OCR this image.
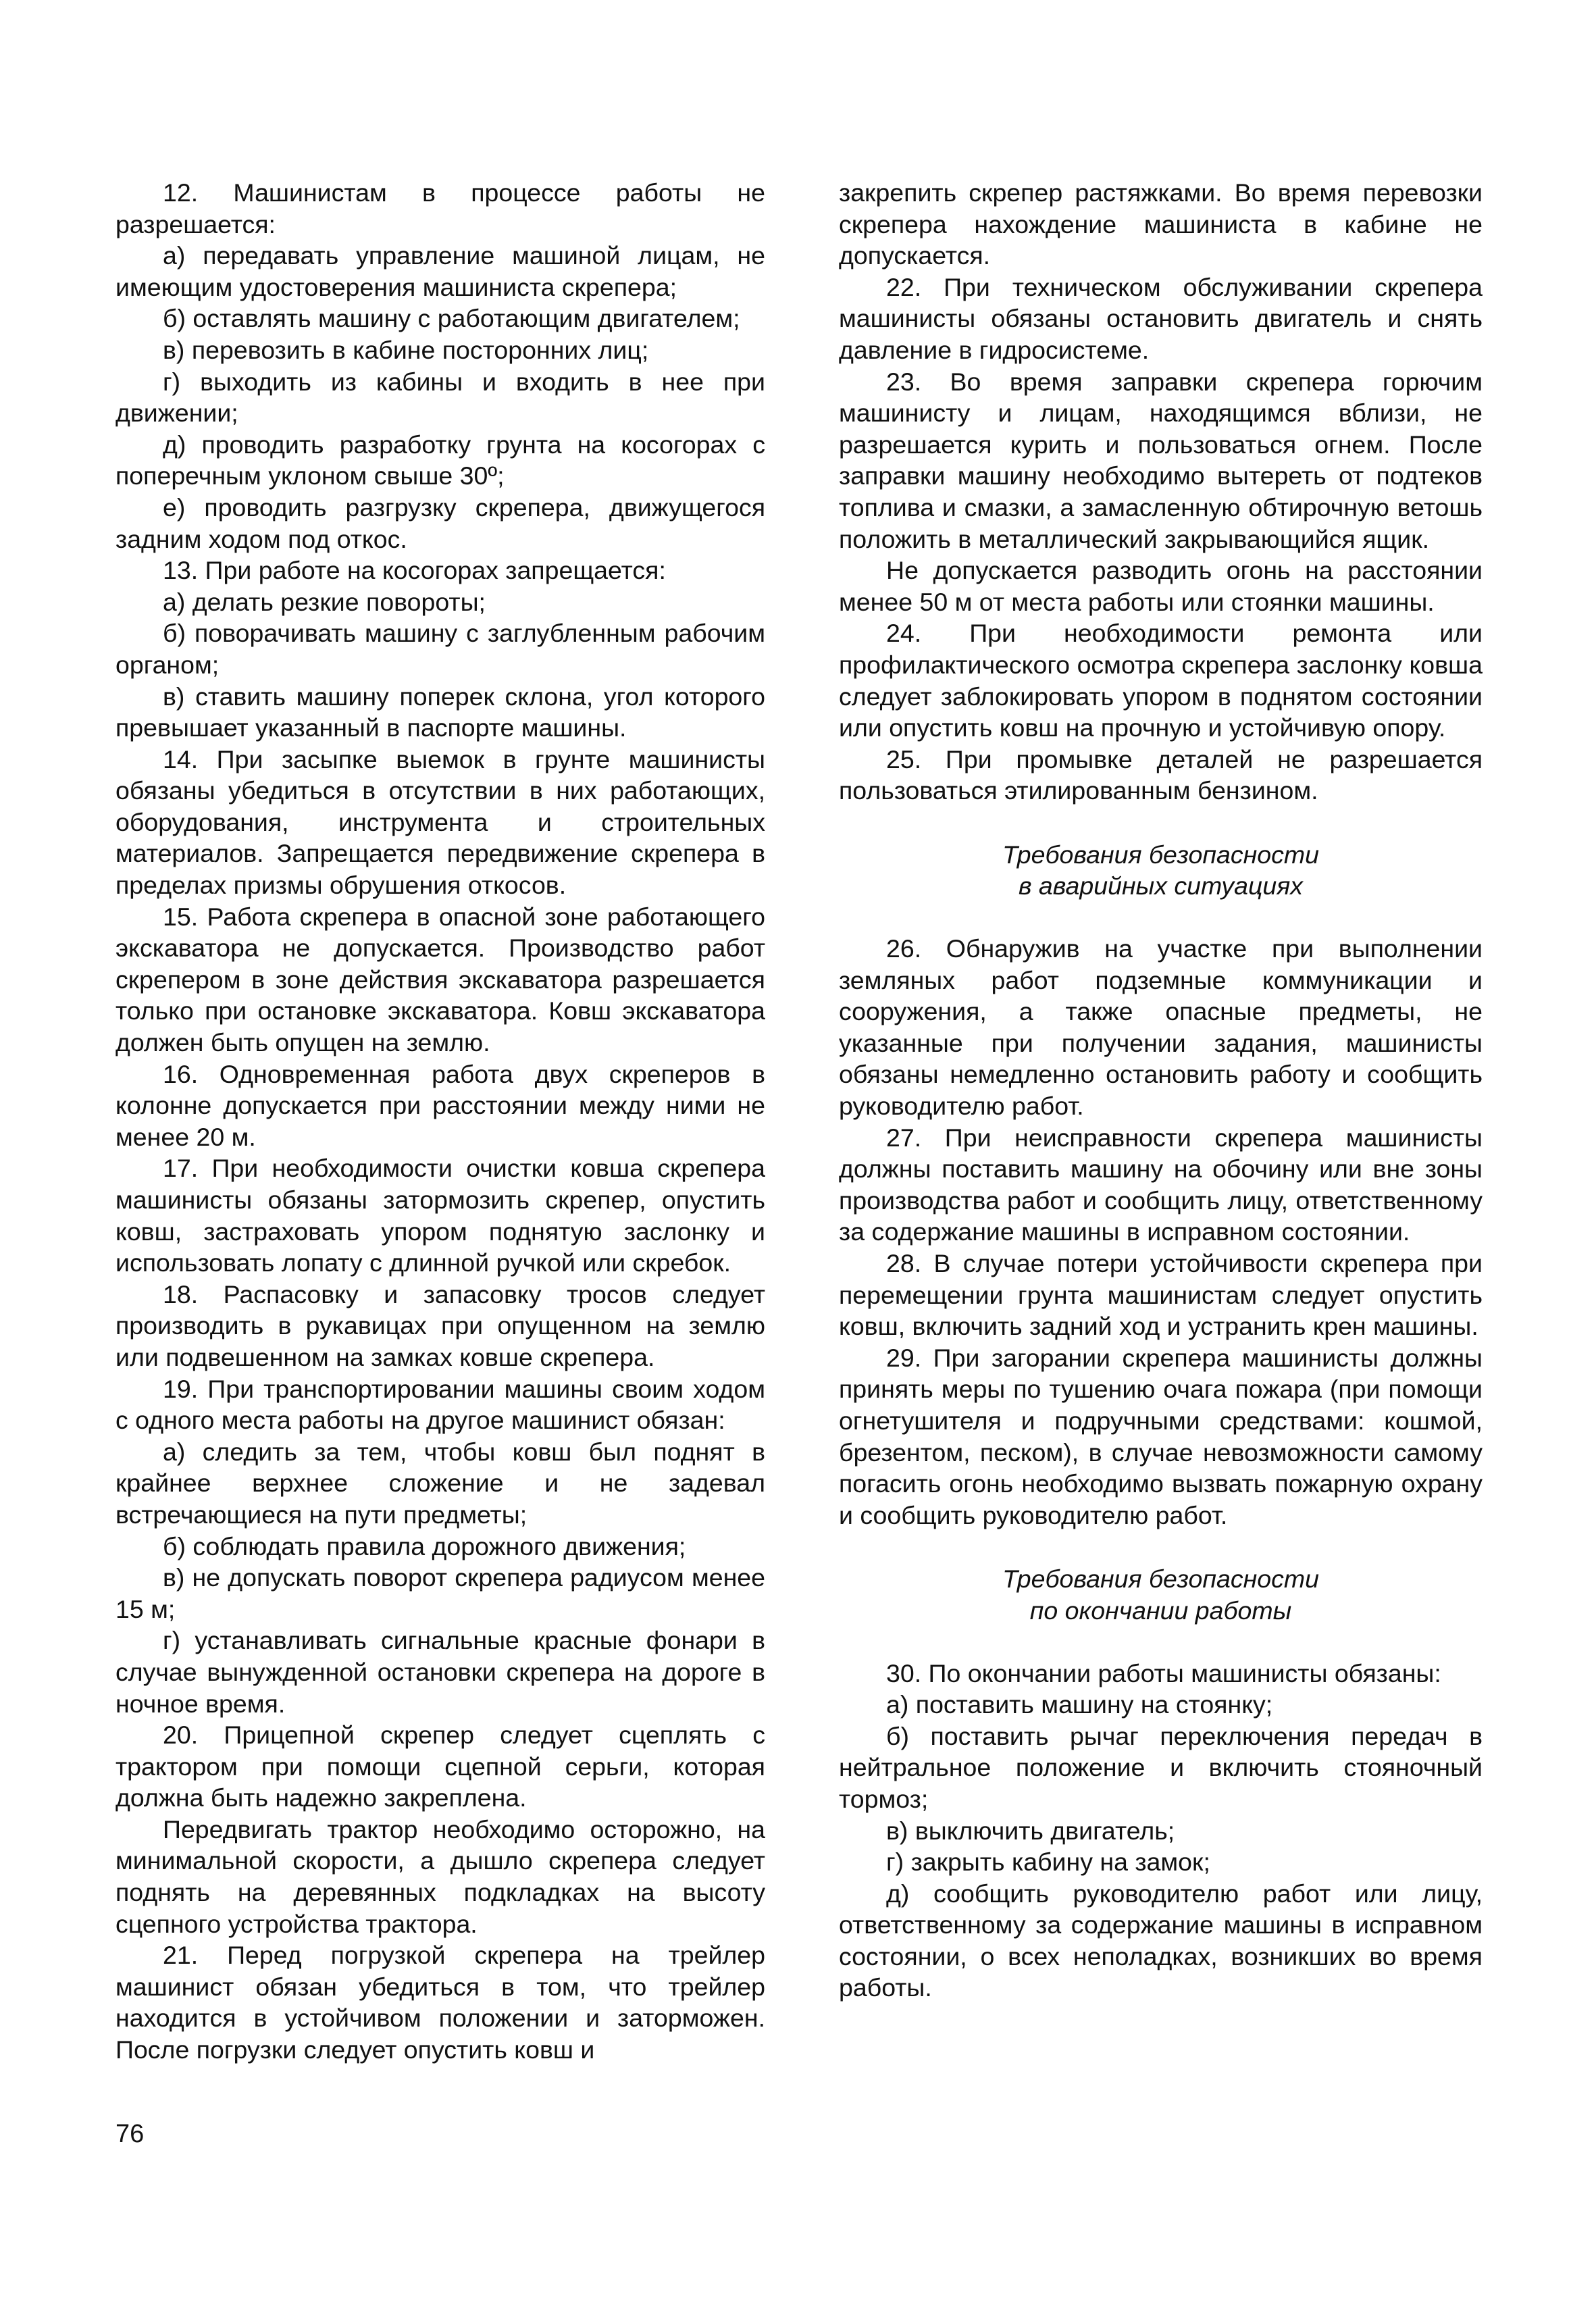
12. Машинистам в процессе работы не разрешается:

а) передавать управление машиной лицам, не имеющим удостоверения машиниста скрепера;

б) оставлять машину с работающим двигателем;

в) перевозить в кабине посторонних лиц;

г) выходить из кабины и входить в нее при движении;

д) проводить разработку грунта на косогорах с поперечным уклоном свыше 30º;

е) проводить разгрузку скрепера, движущегося задним ходом под откос.

13. При работе на косогорах запрещается:

а) делать резкие повороты;

б) поворачивать машину с заглубленным рабочим органом;

в) ставить машину поперек склона, угол которого превышает указанный в паспорте машины.

14. При засыпке выемок в грунте машинисты обязаны убедиться в отсутствии в них работающих, оборудования, инструмента и строительных материалов. Запрещается передвижение скрепера в пределах призмы обрушения откосов.

15. Работа скрепера в опасной зоне работающего экскаватора не допускается. Производство работ скрепером в зоне действия экскаватора разрешается только при остановке экскаватора. Ковш экскаватора должен быть опущен на землю.

16. Одновременная работа двух скреперов в колонне допускается при расстоянии между ними не менее 20 м.

17. При необходимости очистки ковша скрепера машинисты обязаны затормозить скрепер, опустить ковш, застраховать упором поднятую заслонку и использовать лопату с длинной ручкой или скребок.

18. Распасовку и запасовку тросов следует производить в рукавицах при опущенном на землю или подвешенном на замках ковше скрепера.

19. При транспортировании машины своим ходом с одного места работы на другое машинист обязан:

а) следить за тем, чтобы ковш был поднят в крайнее верхнее сложение и не задевал встречающиеся на пути предметы;

б) соблюдать правила дорожного движения;

в) не допускать поворот скрепера радиусом менее 15 м;

г) устанавливать сигнальные красные фонари в случае вынужденной остановки скрепера на дороге в ночное время.

20. Прицепной скрепер следует сцеплять с трактором при помощи сцепной серьги, которая должна быть надежно закреплена.

Передвигать трактор необходимо осторожно, на минимальной скорости, а дышло скрепера следует поднять на деревянных подкладках на высоту сцепного устройства трактора.

21. Перед погрузкой скрепера на трейлер машинист обязан убедиться в том, что трейлер находится в устойчивом положении и заторможен. После погрузки следует опустить ковш и

закрепить скрепер растяжками. Во время перевозки скрепера нахождение машиниста в кабине не допускается.

22. При техническом обслуживании скрепера машинисты обязаны остановить двигатель и снять давление в гидросистеме.

23. Во время заправки скрепера горючим машинисту и лицам, находящимся вблизи, не разрешается курить и пользоваться огнем. После заправки машину необходимо вытереть от подтеков топлива и смазки, а замасленную обтирочную ветошь положить в металлический закрывающийся ящик.

Не допускается разводить огонь на расстоянии менее 50 м от места работы или стоянки машины.

24. При необходимости ремонта или профилактического осмотра скрепера заслонку ковша следует заблокировать упором в поднятом состоянии или опустить ковш на прочную и устойчивую опору.

25. При промывке деталей не разрешается пользоваться этилированным бензином.

Требования безопасности
в аварийных ситуациях

26. Обнаружив на участке при выполнении земляных работ подземные коммуникации и сооружения, а также опасные предметы, не указанные при получении задания, машинисты обязаны немедленно остановить работу и сообщить руководителю работ.

27. При неисправности скрепера машинисты должны поставить машину на обочину или вне зоны производства работ и сообщить лицу, ответственному за содержание машины в исправном состоянии.

28. В случае потери устойчивости скрепера при перемещении грунта машинистам следует опустить ковш, включить задний ход и устранить крен машины.

29. При загорании скрепера машинисты должны принять меры по тушению очага пожара (при помощи огнетушителя и подручными средствами: кошмой, брезентом, песком), в случае невозможности самому погасить огонь необходимо вызвать пожарную охрану и сообщить руководителю работ.

Требования безопасности
по окончании работы

30. По окончании работы машинисты обязаны:

а) поставить машину на стоянку;

б) поставить рычаг переключения передач в нейтральное положение и включить стояночный тормоз;

в) выключить двигатель;

г) закрыть кабину на замок;

д) сообщить руководителю работ или лицу, ответственному за содержание машины в исправном состоянии, о всех неполадках, возникших во время работы.

76
